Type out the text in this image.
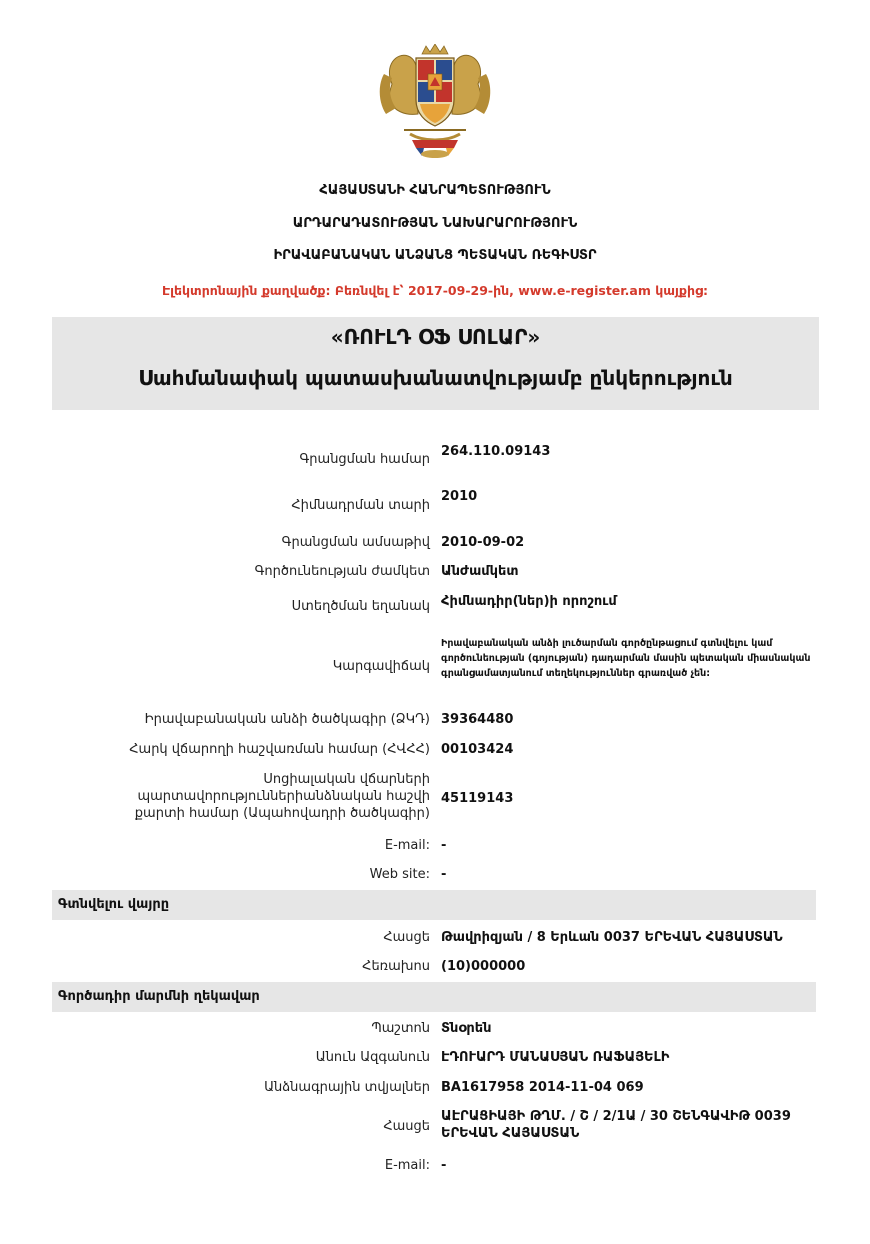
ՀԱՅԱՍՏԱՆԻ ՀԱՆՐԱՊԵՏՈՒԹՅՈՒՆ
ԱՐԴԱՐԱԴԱՏՈՒԹՅԱՆ ՆԱԽԱՐԱՐՈՒԹՅՈՒՆ
ԻՐԱՎԱԲԱՆԱԿԱՆ ԱՆՁԱՆՑ ՊԵՏԱԿԱՆ ՌԵԳԻՍՏՐ
Էլեկտրոնային քաղվածք: Բեռնվել է՝ 2017-09-29-ին, www.e-register.am կայքից:
«ՌՈՒԼԴ ՕՖ ՍՈԼԱՐ»
Սահմանափակ պատասխանատվությամբ ընկերություն
Գրանցման համար
264.110.09143
Հիմնադրման տարի
2010
Գրանցման ամսաթիվ 2010-09-02
Գործունեության ժամկետ Անժամկետ
Ստեղծման եղանակ Հիմնադիր(ներ)ի որոշում
Կարգավիճակ
Իրավաբանական անձի լուծարման գործընթացում գտնվելու կամ գործունեության (գոյության) դադարման մասին պետական միասնական գրանցամատյանում տեղեկություններ գրառված չեն:
Իրավաբանական անձի ծածկագիր (ՁԿԴ) 39364480
Հարկ վճարողի հաշվառման համար (ՀՎՀՀ) 00103424
Սոցիալական վճարների պարտավորություններիանձնական հաշվի քարտի համար (Ապահովադրի ծածկագիր)
45119143
E-mail: -
Web site: -
Գտնվելու վայրը
Հասցե Թավրիզյան / 8 Երևան 0037 ԵՐԵՎԱՆ ՀԱՅԱՍՏԱՆ
Հեռախոս (10)000000
Գործադիր մարմնի ղեկավար
Պաշտոն Տնօրեն
Անուն Ազգանուն ԷԴՈՒԱՐԴ ՄԱՆԱՍՅԱՆ ՌԱՖԱՅԵԼԻ
Անձնագրային տվյալներ BA1617958 2014-11-04 069
Հասցե
ԱԷՐԱՑԻԱՅԻ ԹՂՄ. / Շ / 2/1Ա / 30 ՇԵՆԳԱՎԻԹ 0039 ԵՐԵՎԱՆ ՀԱՅԱՍՏԱՆ
E-mail: -
